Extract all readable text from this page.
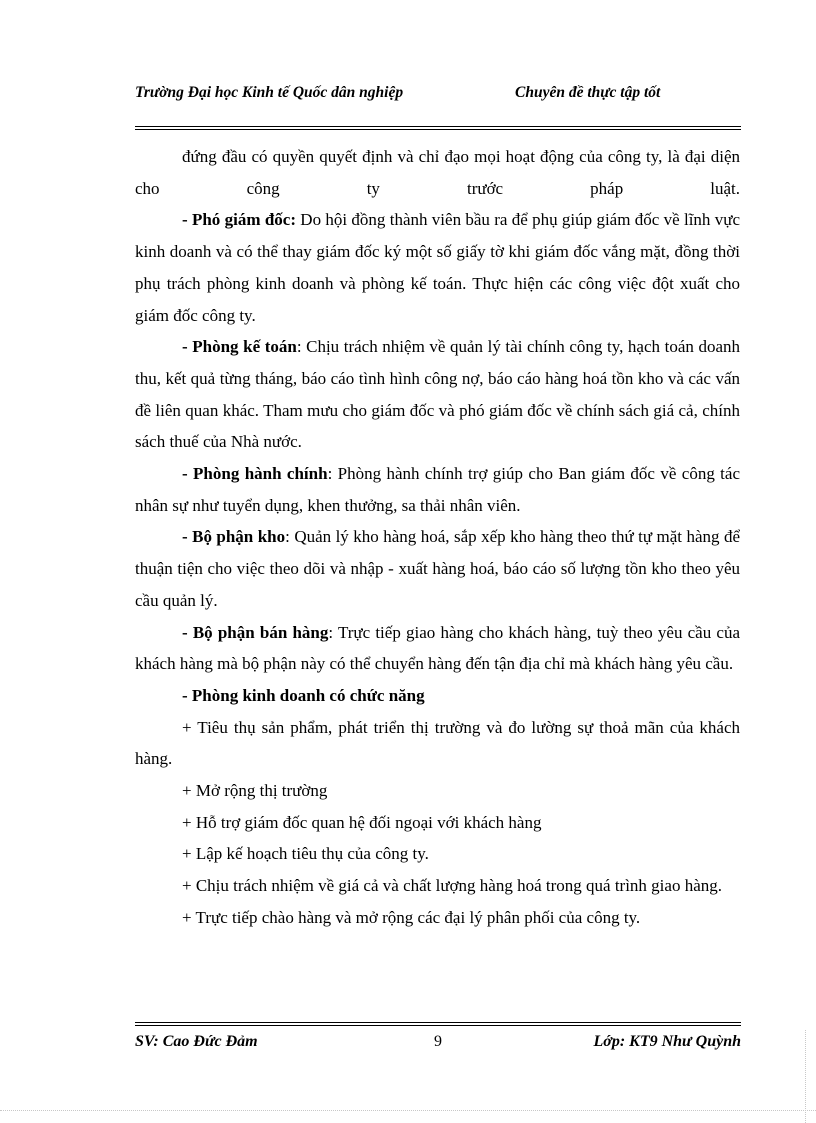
Trường Đại học Kinh tế Quốc dân nghiệp	Chuyên đề thực tập tốt

đứng đầu có quyền quyết định và chỉ đạo mọi hoạt động của công ty, là đại diện cho công ty trước pháp luật.

- Phó giám đốc: Do hội đồng thành viên bầu ra để phụ giúp giám đốc về lĩnh vực kinh doanh và có thể thay giám đốc ký một số giấy tờ khi giám đốc vắng mặt, đồng thời phụ trách phòng kinh doanh và phòng kế toán. Thực hiện các công việc đột xuất cho giám đốc công ty.

- Phòng kế toán: Chịu trách nhiệm về quản lý tài chính công ty, hạch toán doanh thu, kết quả từng tháng, báo cáo tình hình công nợ, báo cáo hàng hoá tồn kho và các vấn đề liên quan khác. Tham mưu cho giám đốc và phó giám đốc về chính sách giá cả, chính sách thuế của Nhà nước.

- Phòng hành chính: Phòng hành chính trợ giúp cho Ban giám đốc về công tác nhân sự như tuyển dụng, khen thưởng, sa thải nhân viên.

- Bộ phận kho: Quản lý kho hàng hoá, sắp xếp kho hàng theo thứ tự mặt hàng để thuận tiện cho việc theo dõi và nhập - xuất hàng hoá, báo cáo số lượng tồn kho theo yêu cầu quản lý.

- Bộ phận bán hàng: Trực tiếp giao hàng cho khách hàng, tuỳ theo yêu cầu của khách hàng mà bộ phận này có thể chuyển hàng đến tận địa chỉ mà khách hàng yêu cầu.

- Phòng kinh doanh có chức năng

+ Tiêu thụ sản phẩm, phát triển thị trường và đo lường sự thoả mãn của khách hàng.

+ Mở rộng thị trường

+ Hỗ trợ giám đốc quan hệ đối ngoại với khách hàng

+ Lập kế hoạch tiêu thụ của công ty.

+ Chịu trách nhiệm về giá cả và chất lượng hàng hoá trong quá trình giao hàng.

+ Trực tiếp chào hàng và mở rộng các đại lý phân phối của công ty.

SV: Cao Đức Đảm	9	Lớp: KT9 Như Quỳnh
